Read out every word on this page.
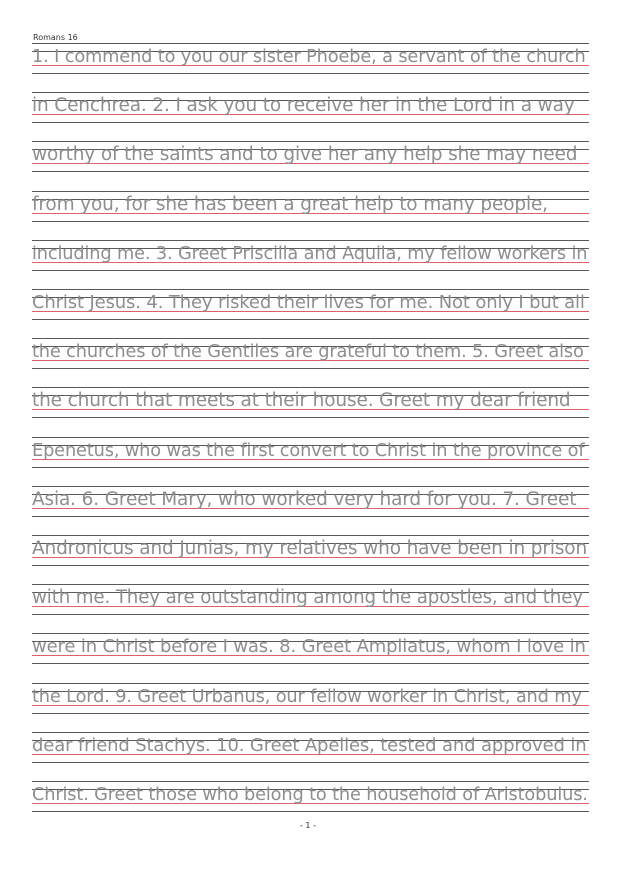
Romans 16
1. I commend to you our sister Phoebe, a servant of the church
in Cenchrea. 2. I ask you to receive her in the Lord in a way
worthy of the saints and to give her any help she may need
from you, for she has been a great help to many people,
including me. 3. Greet Priscilla and Aquila, my fellow workers in
Christ Jesus. 4. They risked their lives for me. Not only I but all
the churches of the Gentiles are grateful to them. 5. Greet also
the church that meets at their house. Greet my dear friend
Epenetus, who was the first convert to Christ in the province of
Asia. 6. Greet Mary, who worked very hard for you. 7. Greet
Andronicus and Junias, my relatives who have been in prison
with me. They are outstanding among the apostles, and they
were in Christ before I was. 8. Greet Ampliatus, whom I love in
the Lord. 9. Greet Urbanus, our fellow worker in Christ, and my
dear friend Stachys. 10. Greet Apelles, tested and approved in
Christ. Greet those who belong to the household of Aristobulus.
- 1 -
